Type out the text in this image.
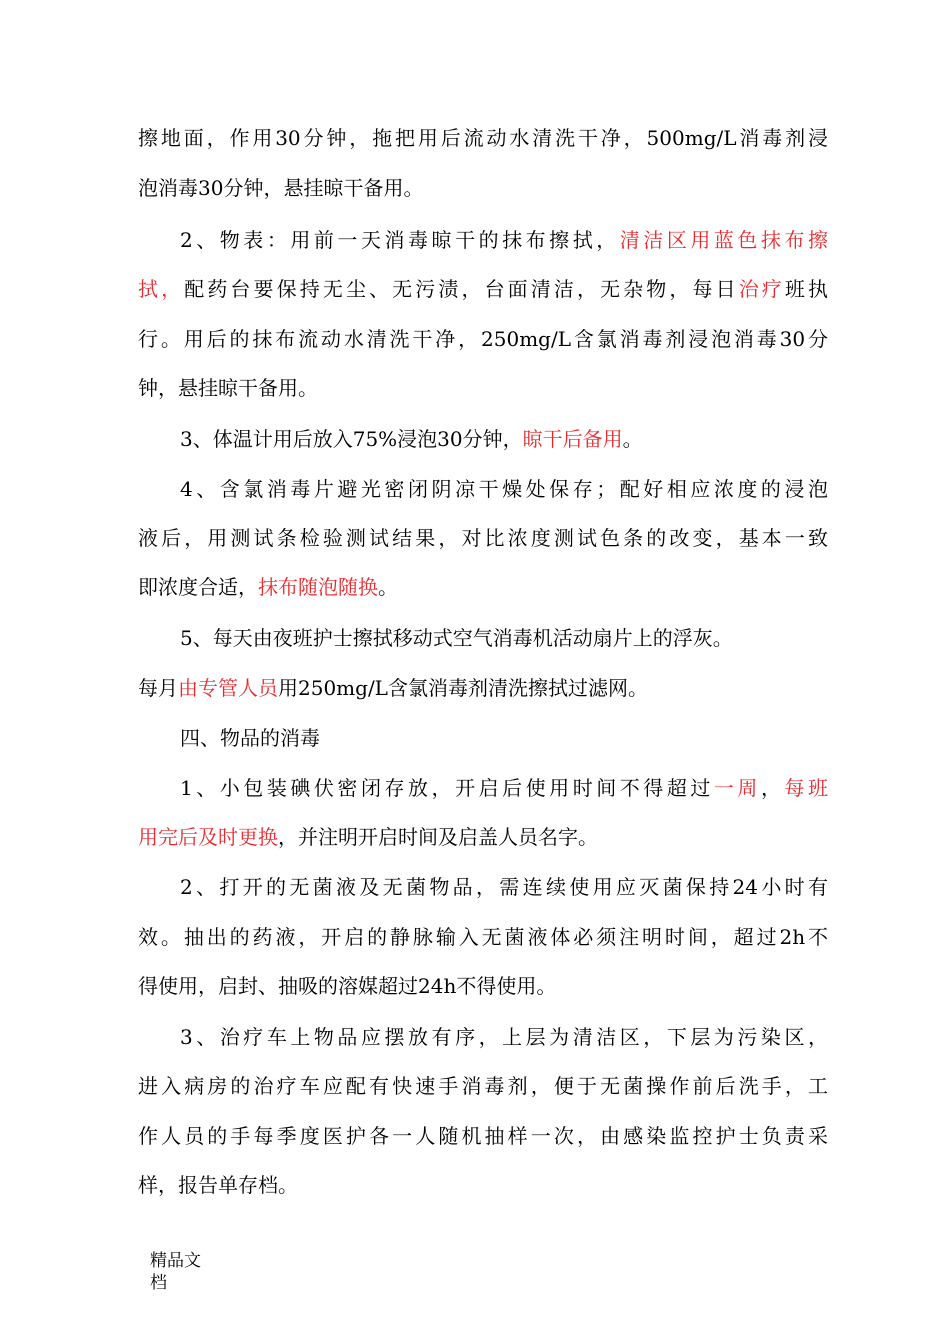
擦地面，作用30分钟，拖把用后流动水清洗干净，500mg/L消毒剂浸
泡消毒30分钟，悬挂晾干备用。
2、物表：用前一天消毒晾干的抹布擦拭，清洁区用蓝色抹布擦
拭，配药台要保持无尘、无污渍，台面清洁，无杂物，每日治疗班执
行。用后的抹布流动水清洗干净，250mg/L含氯消毒剂浸泡消毒30分
钟，悬挂晾干备用。
3、体温计用后放入75%浸泡30分钟，晾干后备用。
4、含氯消毒片避光密闭阴凉干燥处保存；配好相应浓度的浸泡
液后，用测试条检验测试结果，对比浓度测试色条的改变，基本一致
即浓度合适，抹布随泡随换。
5、每天由夜班护士擦拭移动式空气消毒机活动扇片上的浮灰。
每月由专管人员用250mg/L含氯消毒剂清洗擦拭过滤网。
四、物品的消毒
1、小包装碘伏密闭存放，开启后使用时间不得超过一周，每班
用完后及时更换，并注明开启时间及启盖人员名字。
2、打开的无菌液及无菌物品，需连续使用应灭菌保持24小时有
效。抽出的药液，开启的静脉输入无菌液体必须注明时间，超过2h不
得使用，启封、抽吸的溶媒超过24h不得使用。
3、治疗车上物品应摆放有序，上层为清洁区，下层为污染区，
进入病房的治疗车应配有快速手消毒剂，便于无菌操作前后洗手，工
作人员的手每季度医护各一人随机抽样一次，由感染监控护士负责采
样，报告单存档。
精品文
档
